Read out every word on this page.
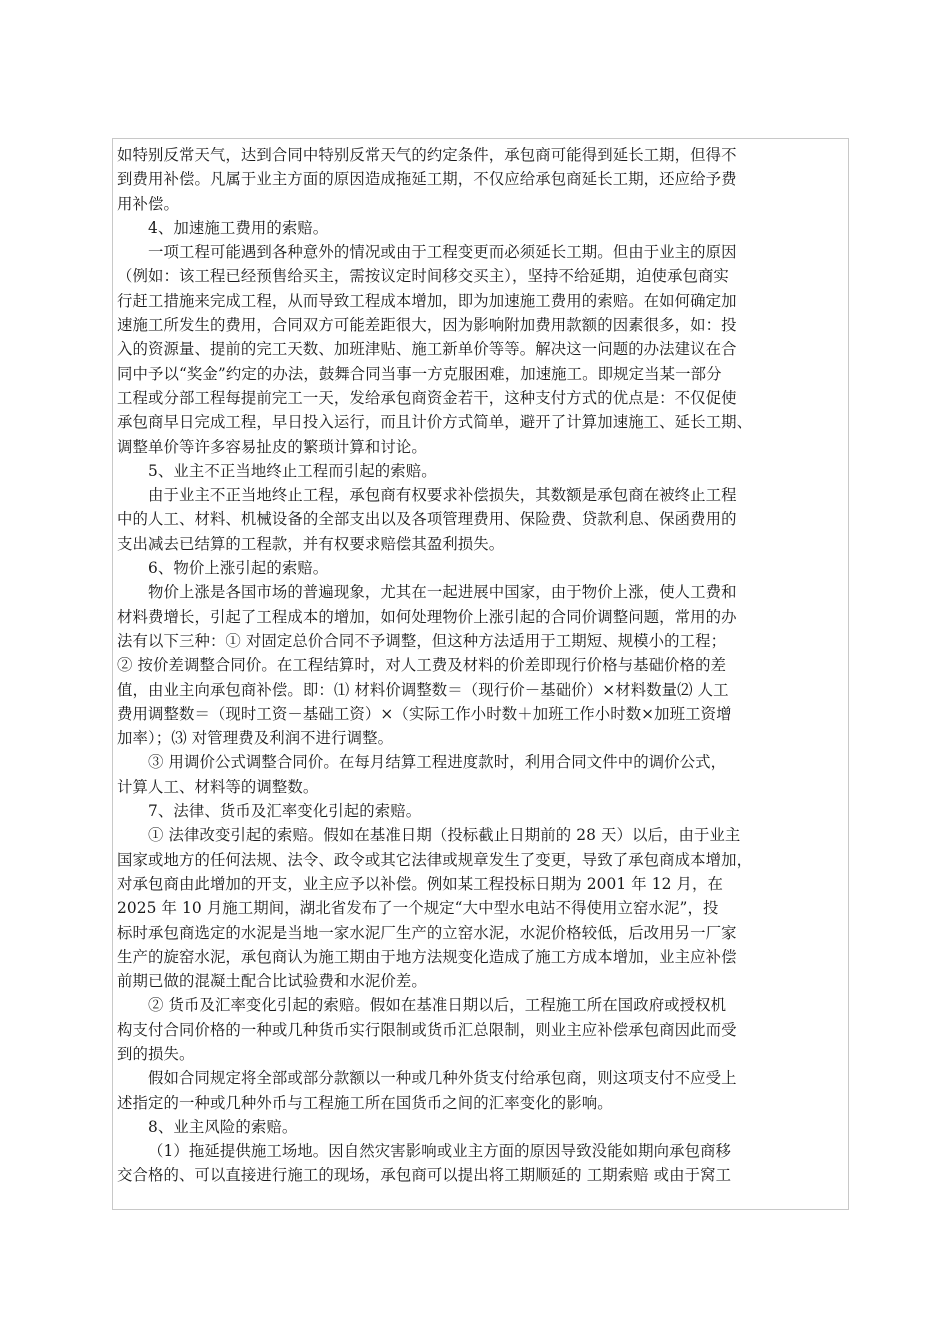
如特别反常天气，达到合同中特别反常天气的约定条件，承包商可能得到延长工期，但得不
到费用补偿。凡属于业主方面的原因造成拖延工期，不仅应给承包商延长工期，还应给予费
用补偿。
4、加速施工费用的索赔。
一项工程可能遇到各种意外的情况或由于工程变更而必须延长工期。但由于业主的原因
（例如：该工程已经预售给买主，需按议定时间移交买主），坚持不给延期，迫使承包商实
行赶工措施来完成工程，从而导致工程成本增加，即为加速施工费用的索赔。在如何确定加
速施工所发生的费用，合同双方可能差距很大，因为影响附加费用款额的因素很多，如：投
入的资源量、提前的完工天数、加班津贴、施工新单价等等。解决这一问题的办法建议在合
同中予以“奖金”约定的办法，鼓舞合同当事一方克服困难，加速施工。即规定当某一部分
工程或分部工程每提前完工一天，发给承包商资金若干，这种支付方式的优点是：不仅促使
承包商早日完成工程，早日投入运行，而且计价方式简单，避开了计算加速施工、延长工期、
调整单价等许多容易扯皮的繁琐计算和讨论。
5、业主不正当地终止工程而引起的索赔。
由于业主不正当地终止工程，承包商有权要求补偿损失，其数额是承包商在被终止工程
中的人工、材料、机械设备的全部支出以及各项管理费用、保险费、贷款利息、保函费用的
支出减去已结算的工程款，并有权要求赔偿其盈利损失。
6、物价上涨引起的索赔。
物价上涨是各国市场的普遍现象，尤其在一起进展中国家，由于物价上涨，使人工费和
材料费增长，引起了工程成本的增加，如何处理物价上涨引起的合同价调整问题，常用的办
法有以下三种：① 对固定总价合同不予调整，但这种方法适用于工期短、规模小的工程；
② 按价差调整合同价。在工程结算时，对人工费及材料的价差即现行价格与基础价格的差
值，由业主向承包商补偿。即：⑴ 材料价调整数＝（现行价－基础价）×材料数量⑵ 人工
费用调整数＝（现时工资－基础工资）×（实际工作小时数＋加班工作小时数×加班工资增
加率）；⑶ 对管理费及利润不进行调整。
③ 用调价公式调整合同价。在每月结算工程进度款时，利用合同文件中的调价公式，
计算人工、材料等的调整数。
7、法律、货币及汇率变化引起的索赔。
① 法律改变引起的索赔。假如在基准日期（投标截止日期前的 28 天）以后，由于业主
国家或地方的任何法规、法令、政令或其它法律或规章发生了变更，导致了承包商成本增加，
对承包商由此增加的开支，业主应予以补偿。例如某工程投标日期为 2001 年 12 月，在
2025 年 10 月施工期间，湖北省发布了一个规定“大中型水电站不得使用立窑水泥”，投
标时承包商选定的水泥是当地一家水泥厂生产的立窑水泥，水泥价格较低，后改用另一厂家
生产的旋窑水泥，承包商认为施工期由于地方法规变化造成了施工方成本增加，业主应补偿
前期已做的混凝土配合比试验费和水泥价差。
② 货币及汇率变化引起的索赔。假如在基准日期以后，工程施工所在国政府或授权机
构支付合同价格的一种或几种货币实行限制或货币汇总限制，则业主应补偿承包商因此而受
到的损失。
假如合同规定将全部或部分款额以一种或几种外货支付给承包商，则这项支付不应受上
述指定的一种或几种外币与工程施工所在国货币之间的汇率变化的影响。
8、业主风险的索赔。
（1）拖延提供施工场地。因自然灾害影响或业主方面的原因导致没能如期向承包商移
交合格的、可以直接进行施工的现场，承包商可以提出将工期顺延的 工期索赔 或由于窝工
